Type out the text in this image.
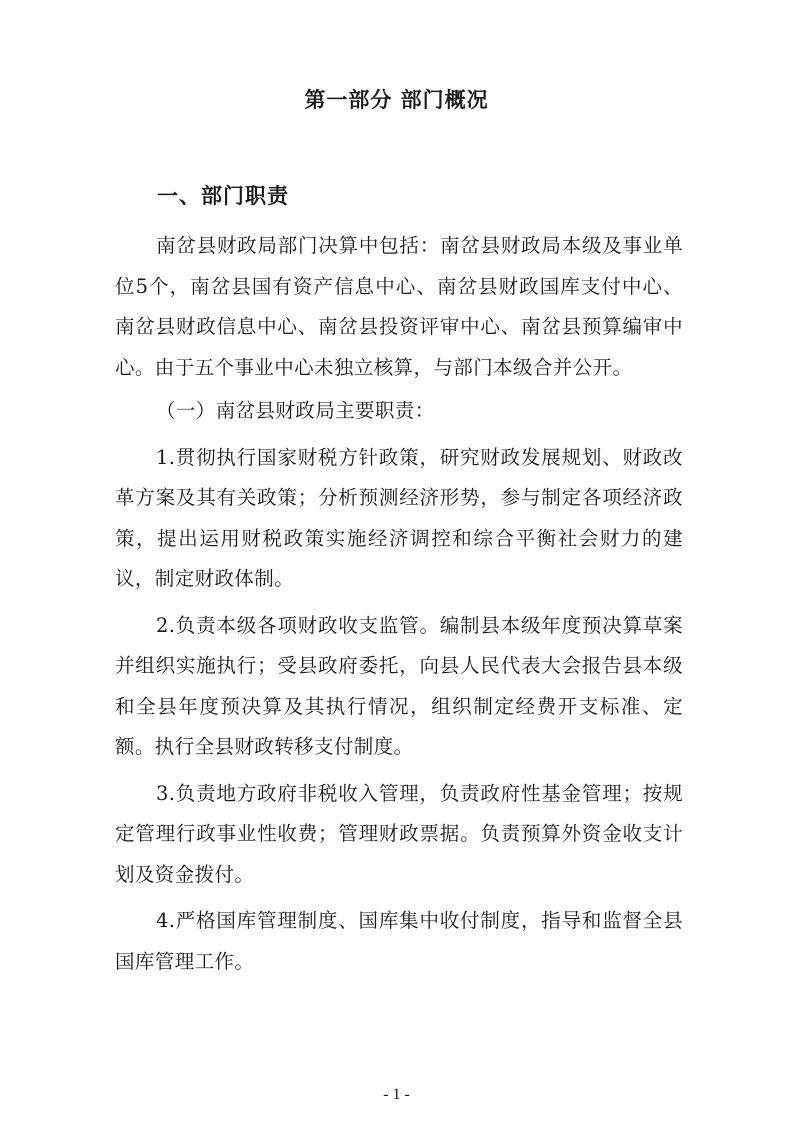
第一部分 部门概况
一、部门职责

南岔县财政局部门决算中包括：南岔县财政局本级及事业单位5个，南岔县国有资产信息中心、南岔县财政国库支付中心、南岔县财政信息中心、南岔县投资评审中心、南岔县预算编审中心。由于五个事业中心未独立核算，与部门本级合并公开。

（一）南岔县财政局主要职责：

1.贯彻执行国家财税方针政策，研究财政发展规划、财政改革方案及其有关政策；分析预测经济形势，参与制定各项经济政策，提出运用财税政策实施经济调控和综合平衡社会财力的建议，制定财政体制。

2.负责本级各项财政收支监管。编制县本级年度预决算草案并组织实施执行；受县政府委托，向县人民代表大会报告县本级和全县年度预决算及其执行情况，组织制定经费开支标准、定额。执行全县财政转移支付制度。

3.负责地方政府非税收入管理，负责政府性基金管理；按规定管理行政事业性收费；管理财政票据。负责预算外资金收支计划及资金拨付。

4.严格国库管理制度、国库集中收付制度，指导和监督全县国库管理工作。

- 1 -
